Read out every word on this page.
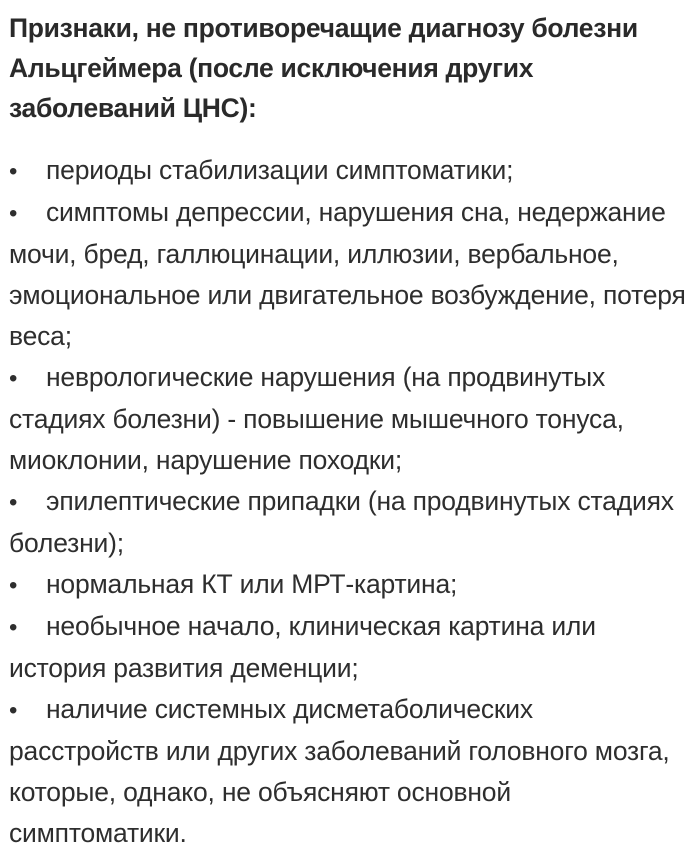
Признаки, не противоречащие диагнозу болезни Альцгеймера (после исключения других заболеваний ЦНС):
• периоды стабилизации симптоматики;
• симптомы депрессии, нарушения сна, недержание мочи, бред, галлюцинации, иллюзии, вербальное, эмоциональное или двигательное возбуждение, потеря веса;
• неврологические нарушения (на продвинутых стадиях болезни) - повышение мышечного тонуса, миоклонии, нарушение походки;
• эпилептические припадки (на продвинутых стадиях болезни);
• нормальная КТ или МРТ-картина;
• необычное начало, клиническая картина или история развития деменции;
• наличие системных дисметаболических расстройств или других заболеваний головного мозга, которые, однако, не объясняют основной симптоматики.
